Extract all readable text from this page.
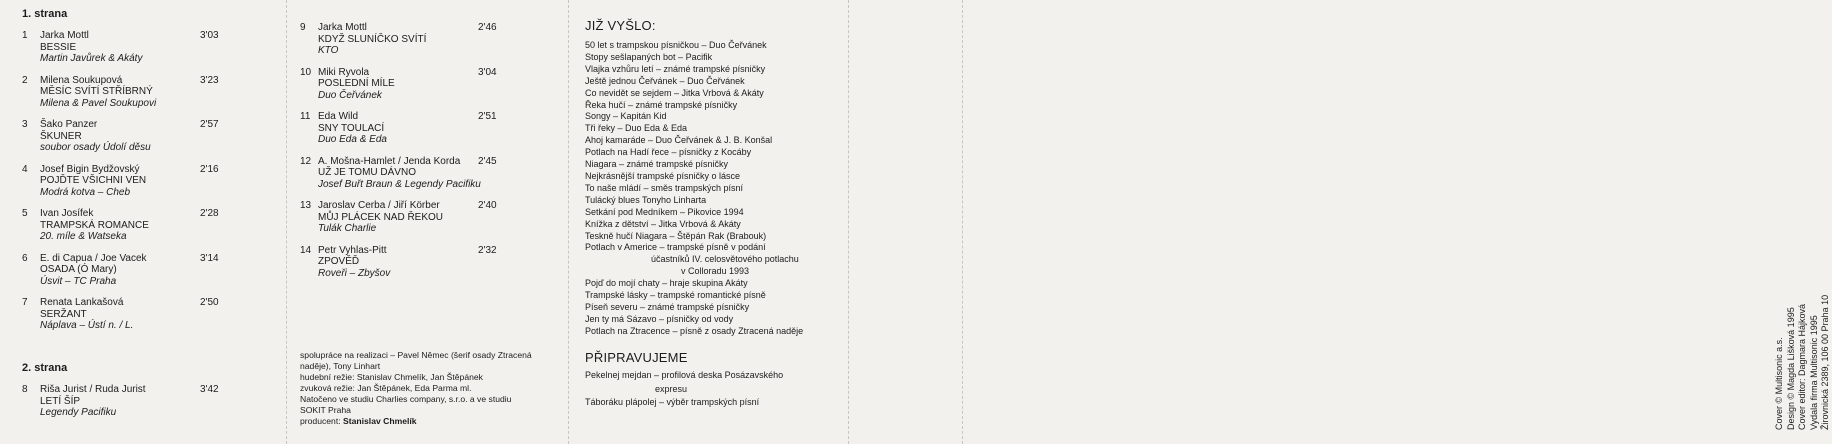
1. strana

1 Jarka Mottl
BESSIE
Martin Javůrek & Akáty
3'03
2 Milena Soukupová
MĚSÍC SVÍTÍ STŘÍBRNÝ
Milena & Pavel Soukupovi
3'23
3 Šako Panzer
ŠKUNER
soubor osady Údolí děsu
2'57
4 Josef Bigin Bydžovský
POJĎTE VŠICHNI VEN
Modrá kotva – Cheb
2'16
5 Ivan Josífek
TRAMPSKÁ ROMANCE
20. míle & Watseka
2'28
6 E. di Capua / Joe Vacek
OSADA (Ó Mary)
Úsvit – TC Praha
3'14
7 Renata Lankašová
SERŽANT
Náplava – Ústí n. / L.
2'50

2. strana

8 Riša Jurist / Ruda Jurist
LETÍ ŠÍP
Legendy Pacifiku
3'42
9 Jarka Mottl
KDYŽ SLUNÍČKO SVÍTÍ
KTO
2'46
10 Miki Ryvola
POSLEDNÍ MÍLE
Duo Čeřvánek
3'04
11 Eda Wild
SNY TOULACÍ
Duo Eda & Eda
2'51
12 A. Mošna-Hamlet / Jenda Korda
UŽ JE TOMU DÁVNO
Josef Buřt Braun & Legendy Pacifiku
2'45
13 Jaroslav Cerba / Jiří Körber
MŮJ PLÁCEK NAD ŘEKOU
Tulák Charlie
2'40
14 Petr Vyhlas-Pitt
ZPOVĚĎ
Roveři – Zbyšov
2'32
spolupráce na realizaci – Pavel Němec (šerif osady Ztracená
naděje), Tony Linhart
hudební režie: Stanislav Chmelík, Jan Štěpánek
zvuková režie: Jan Štěpánek, Eda Parma ml.
Natočeno ve studiu Charlies company, s.r.o. a ve studiu
SOKIT Praha
producent: Stanislav Chmelík

JIŽ VYŠLO:

50 let s trampskou písničkou – Duo Čeřvánek
Stopy sešlapaných bot – Pacifik
Vlajka vzhůru letí – známé trampské písničky
Ještě jednou Čeřvánek – Duo Čeřvánek
Co nevidět se sejdem – Jitka Vrbová & Akáty
Řeka hučí – známé trampské písničky
Songy – Kapitán Kid
Tři řeky – Duo Eda & Eda
Ahoj kamaráde – Duo Čeřvánek & J. B. Konšal
Potlach na Hadí řece – písničky z Kocáby
Niagara – známé trampské písničky
Nejkrásnější trampské písničky o lásce
To naše mládí – směs trampských písní
Tulácký blues Tonyho Linharta
Setkání pod Medníkem – Pikovice 1994
Knížka z dětství – Jitka Vrbová & Akáty
Teskně hučí Niagara – Štěpán Rak (Brabouk)
Potlach v Americe – trampské písně v podání
účastníků IV. celosvětového potlachu
v Colloradu 1993
Pojď do mojí chaty – hraje skupina Akáty
Trampské lásky – trampské romantické písně
Píseň severu – známé trampské písničky
Jen ty má Sázavo – písničky od vody
Potlach na Ztracence – písně z osady Ztracená naděje

PŘIPRAVUJEME

Pekelnej mejdan – profilová deska Posázavského
expresu
Táboráku plápolej – výběr trampských písní	Cover © Multisonic a.s. Design © Magda Lišková 1995 Cover editor: Dagmara Hájková Vydala firma Multisonic 1995 Žirovnická 2389, 106 00 Praha 10
